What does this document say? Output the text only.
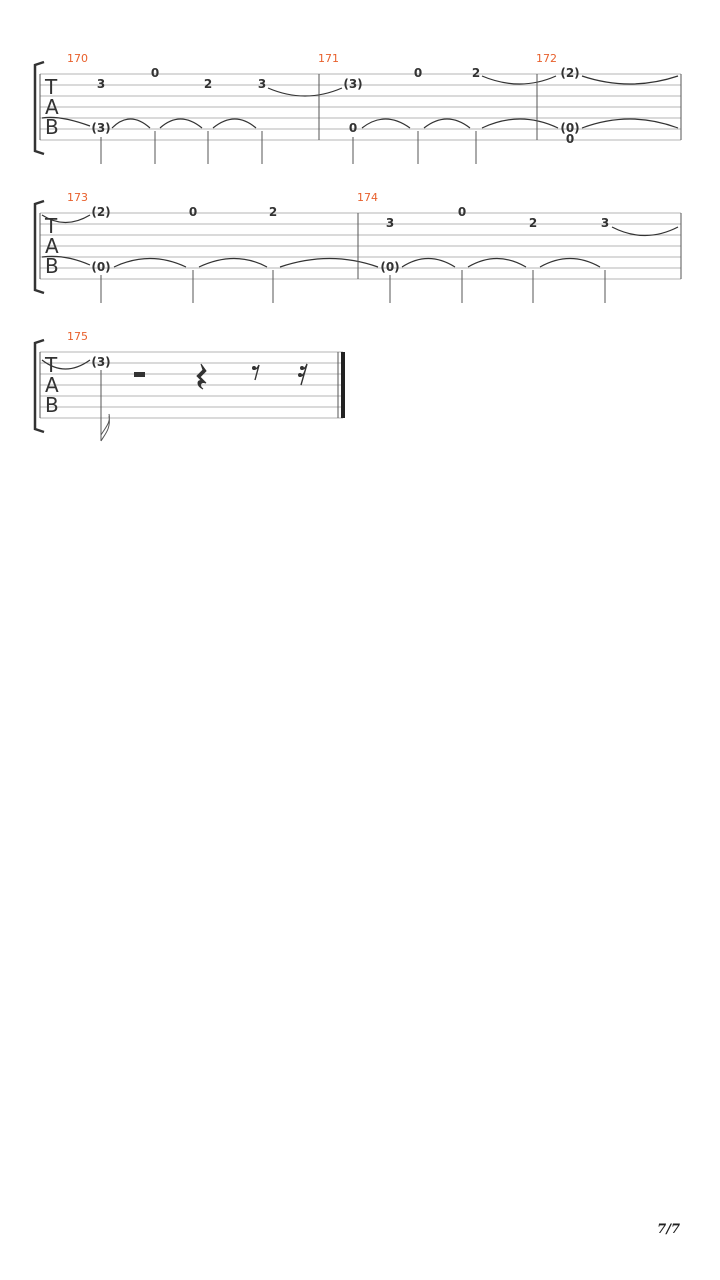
T
A
B
170
3
0
2	3
(3)
171
(3)
0	2
0
172
(2)
(0)
0
T
A
B
173
(2)	0	2
(0)
174
3
0
2	3
(0)
T
A
B
175
(3)
7/7
